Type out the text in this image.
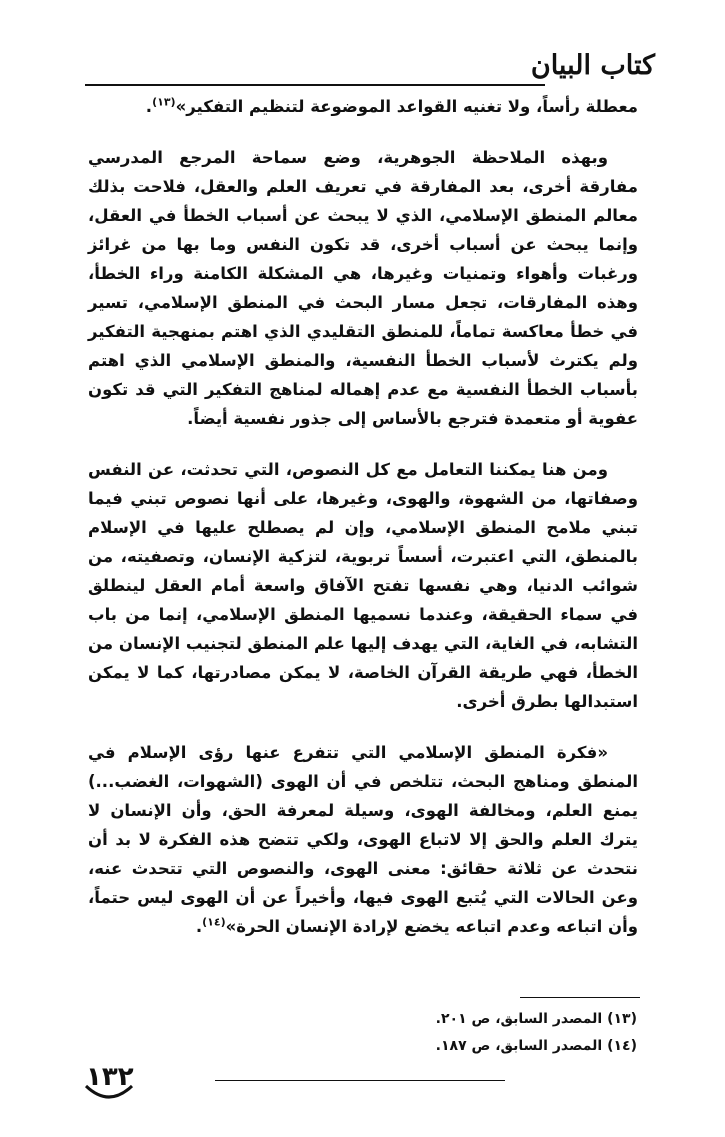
كتاب البيان

معطلة رأساً، ولا تغنيه القواعد الموضوعة لتنظيم التفكير»$^{(١٣)}$.

وبهذه الملاحظة الجوهرية، وضع سماحة المرجع المدرسي مفارقة أخرى، بعد المفارقة في تعريف العلم والعقل، فلاحت بذلك معالم المنطق الإسلامي، الذي لا يبحث عن أسباب الخطأ في العقل، وإنما يبحث عن أسباب أخرى، قد تكون النفس وما بها من غرائز ورغبات وأهواء وتمنيات وغيرها، هي المشكلة الكامنة وراء الخطأ، وهذه المفارقات، تجعل مسار البحث في المنطق الإسلامي، تسير في خطأ معاكسة تماماً، للمنطق التقليدي الذي اهتم بمنهجية التفكير ولم يكترث لأسباب الخطأ النفسية، والمنطق الإسلامي الذي اهتم بأسباب الخطأ النفسية مع عدم إهماله لمناهج التفكير التي قد تكون عفوية أو متعمدة فترجع بالأساس إلى جذور نفسية أيضاً.

ومن هنا يمكننا التعامل مع كل النصوص، التي تحدثت، عن النفس وصفاتها، من الشهوة، والهوى، وغيرها، على أنها نصوص تبني فيما تبني ملامح المنطق الإسلامي، وإن لم يصطلح عليها في الإسلام بالمنطق، التي اعتبرت، أسساً تربوية، لتزكية الإنسان، وتصفيته، من شوائب الدنيا، وهي نفسها تفتح الآفاق واسعة أمام العقل لينطلق في سماء الحقيقة، وعندما نسميها المنطق الإسلامي، إنما من باب التشابه، في الغاية، التي يهدف إليها علم المنطق لتجنيب الإنسان من الخطأ، فهي طريقة القرآن الخاصة، لا يمكن مصادرتها، كما لا يمكن استبدالها بطرق أخرى.

«فكرة المنطق الإسلامي التي تتفرع عنها رؤى الإسلام في المنطق ومناهج البحث، تتلخص في أن الهوى (الشهوات، الغضب...) يمنع العلم، ومخالفة الهوى، وسيلة لمعرفة الحق، وأن الإنسان لا يترك العلم والحق إلا لاتباع الهوى، ولكي تتضح هذه الفكرة لا بد أن نتحدث عن ثلاثة حقائق: معنى الهوى، والنصوص التي تتحدث عنه، وعن الحالات التي يُتبع الهوى فيها، وأخيراً عن أن الهوى ليس حتماً، وأن اتباعه وعدم اتباعه يخضع لإرادة الإنسان الحرة»$^{(١٤)}$.

(١٣) المصدر السابق، ص ٢٠١.
(١٤) المصدر السابق، ص ١٨٧.
١٣٢
